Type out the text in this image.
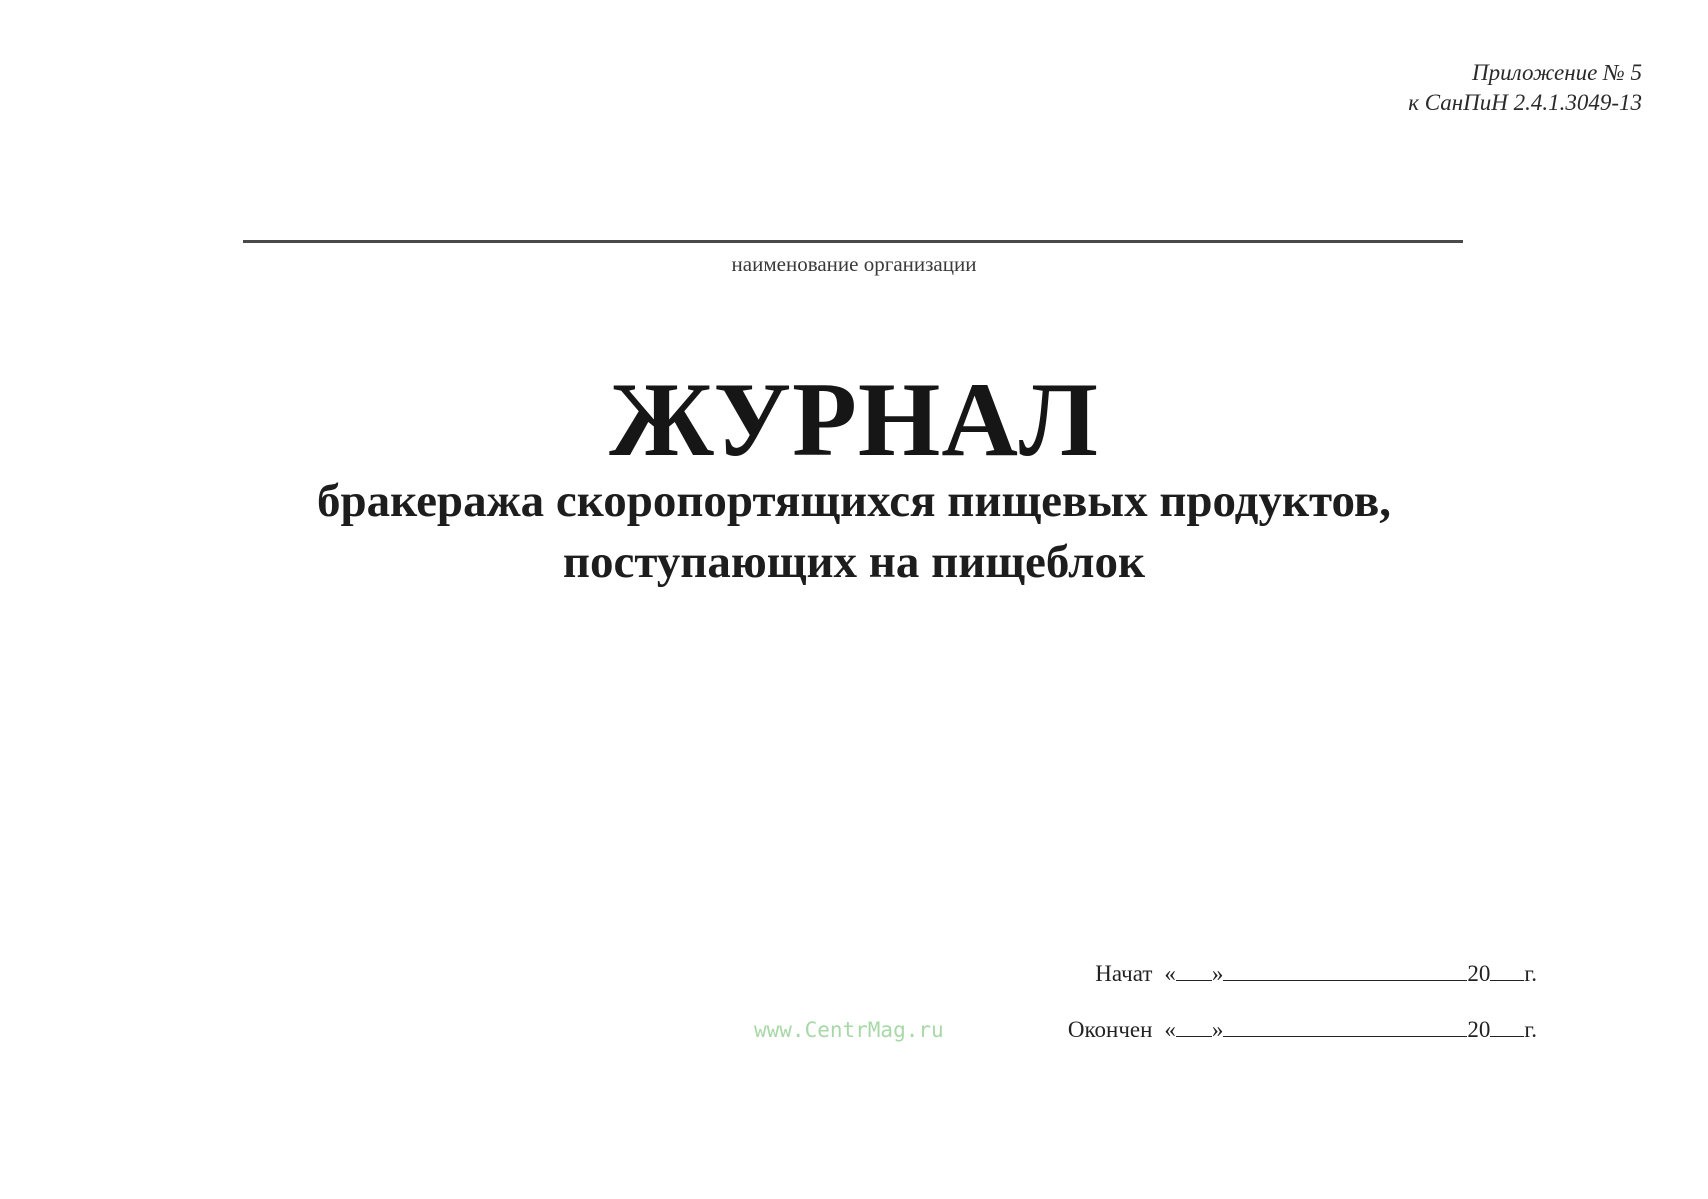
Приложение № 5
к СанПиН 2.4.1.3049-13
наименование организации
ЖУРНАЛ
бракеража скоропортящихся пищевых продуктов,
поступающих на пищеблок
Начат « »	20 г.
www.CentrMag.ru	Окончен « »	20 г.
